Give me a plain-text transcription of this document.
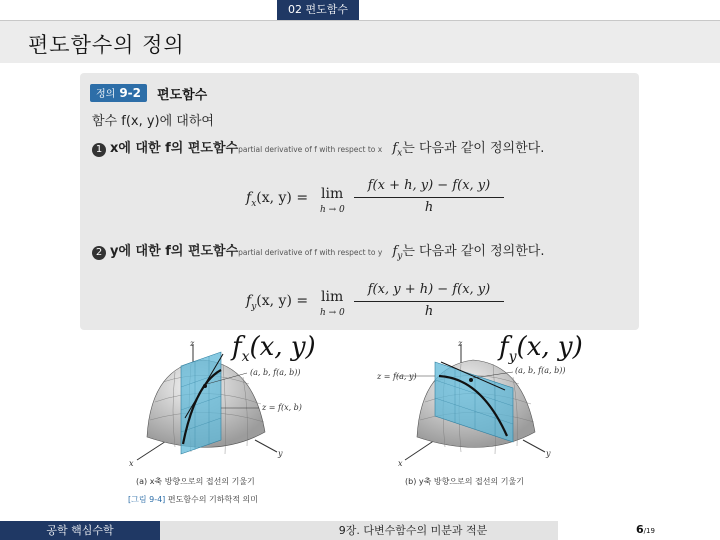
02 편도함수
편도함수의 정의
정의 9-2	편도함수
함수 f(x, y)에 대하여
1 x에 대한 f의 편도함수partial derivative of f with respect to x $f_x$는 다음과 같이 정의한다.
$f_x(x$, y) = lim
h → 0
f(x + h, y) − f(x, y)
h
2 y에 대한 f의 편도함수partial derivative of f with respect to y $f_y$는 다음과 같이 정의한다.
$f_y(x$, y) = lim
h → 0
f(x, y + h) − f(x, y)
h
$f_x(x$, y)
(a, b, f(a, b))
z = f(x, b)
z
x
y
(a) x축 방향으로의 접선의 기울기
$f_y(x$, y)
(a, b, f(a, b))
z = f(a, y)
z
x
y
(b) y축 방향으로의 접선의 기울기
[그림 9-4] 편도함수의 기하학적 의미
공학 핵심수학	9장. 다변수함수의 미분과 적분	6/19
